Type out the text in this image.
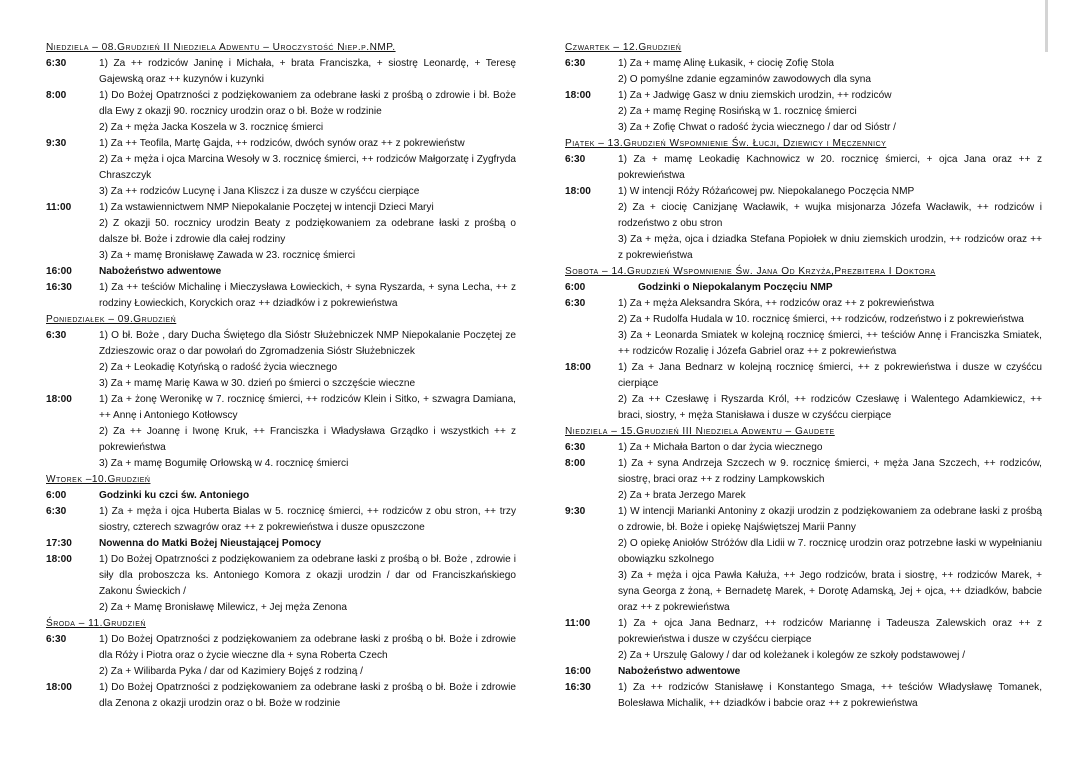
Niedziela – 08.Grudzień II Niedziela Adwentu – Uroczystość Niep.p.NMP.
6:30	1) Za ++ rodziców Janinę i Michała, + brata Franciszka, + siostrę Leonardę, + Teresę Gajewską oraz ++ kuzynów i kuzynki
8:00	1) Do Bożej Opatrzności z podziękowaniem za odebrane łaski z prośbą o zdrowie i bł. Boże dla Ewy z okazji 90. rocznicy urodzin oraz o bł. Boże w rodzinie
2) Za + męża Jacka Koszela w 3. rocznicę śmierci
9:30	1) Za ++ Teofila, Martę Gajda, ++ rodziców, dwóch synów oraz ++ z pokrewieństw
2) Za + męża i ojca Marcina Wesoły w 3. rocznicę śmierci, ++ rodziców Małgorzatę i Zygfryda Chraszczyk
3) Za ++ rodziców Lucynę i Jana Kliszcz i za dusze w czyśćcu cierpiące
11:00	1) Za wstawiennictwem NMP Niepokalanie Poczętej w intencji Dzieci Maryi
2) Z okazji 50. rocznicy urodzin Beaty z podziękowaniem za odebrane łaski z prośbą o dalsze bł. Boże i zdrowie dla całej rodziny
3) Za + mamę Bronisławę Zawada w 23. rocznicę śmierci
16:00	Nabożeństwo adwentowe
16:30	1) Za ++ teściów Michalinę i Mieczysława Łowieckich, + syna Ryszarda, + syna Lecha, ++ z rodziny Łowieckich, Koryckich oraz ++ dziadków i z pokrewieństwa
Poniedziałek – 09.Grudzień
6:30	1) O bł. Boże , dary Ducha Świętego dla Sióstr Służebniczek NMP Niepokalanie Poczętej ze Zdzieszowic oraz o dar powołań do Zgromadzenia Sióstr Służebniczek
2) Za + Leokadię Kotyńską o radość życia wiecznego
3) Za + mamę Marię Kawa w 30. dzień po śmierci o szczęście wieczne
18:00	1) Za + żonę Weronikę w 7. rocznicę śmierci, ++ rodziców Klein i Sitko, + szwagra Damiana, ++ Annę i Antoniego Kotłowscy
2) Za ++ Joannę i Iwonę Kruk, ++ Franciszka i Władysława Grządko i wszystkich ++ z pokrewieństwa
3) Za + mamę Bogumiłę Orłowską w 4. rocznicę śmierci
Wtorek –10.Grudzień
6:00	Godzinki ku czci św. Antoniego
6:30	1) Za + męża i ojca Huberta Bialas w 5. rocznicę śmierci, ++ rodziców z obu stron, ++ trzy siostry, czterech szwagrów oraz ++ z pokrewieństwa i dusze opuszczone
17:30	Nowenna do Matki Bożej Nieustającej Pomocy
18:00	1) Do Bożej Opatrzności z podziękowaniem za odebrane łaski z prośbą o bł. Boże , zdrowie i siły dla proboszcza ks. Antoniego Komora z okazji urodzin / dar od Franciszkańskiego Zakonu Świeckich /
2) Za + Mamę Bronisławę Milewicz, + Jej męża Zenona
Środa – 11.Grudzień
6:30	1) Do Bożej Opatrzności z podziękowaniem za odebrane łaski z prośbą o bł. Boże i zdrowie dla Róży i Piotra oraz o życie wieczne dla + syna Roberta Czech
2) Za + Wilibarda Pyka / dar od Kazimiery Bojęś z rodziną /
18:00	1) Do Bożej Opatrzności z podziękowaniem za odebrane łaski z prośbą o bł. Boże i zdrowie dla Zenona z okazji urodzin oraz o bł. Boże w rodzinie
Czwartek – 12.Grudzień
6:30	1) Za + mamę Alinę Łukasik, + ciocię Zofię Stola
2) O pomyślne zdanie egzaminów zawodowych dla syna
18:00	1) Za + Jadwigę Gasz w dniu ziemskich urodzin, ++ rodziców
2) Za + mamę Reginę Rosińską w 1. rocznicę śmierci
3) Za + Zofię Chwat o radość życia wiecznego / dar od Sióstr /
Piątek – 13.Grudzień Wspomnienie Św. Łucji, Dziewicy i Męczennicy
6:30	1) Za + mamę Leokadię Kachnowicz w 20. rocznicę śmierci, + ojca Jana oraz ++ z pokrewieństwa
18:00	1) W intencji Róży Różańcowej pw. Niepokalanego Poczęcia NMP
2) Za + ciocię Canizjanę Wacławik, + wujka misjonarza Józefa Wacławik, ++ rodziców i rodzeństwo z obu stron
3) Za + męża, ojca i dziadka Stefana Popiołek w dniu ziemskich urodzin, ++ rodziców oraz ++ z pokrewieństwa
Sobota – 14.Grudzień Wspomnienie Św. Jana Od Krzyża,Prezbitera I Doktora
6:00	Godzinki o Niepokalanym Poczęciu NMP
6:30	1) Za + męża Aleksandra Skóra, ++ rodziców oraz ++ z pokrewieństwa
2) Za + Rudolfa Hudala w 10. rocznicę śmierci, ++ rodziców, rodzeństwo i z pokrewieństwa
3) Za + Leonarda Smiatek w kolejną rocznicę śmierci, ++ teściów Annę i Franciszka Smiatek, ++ rodziców Rozalię i Józefa Gabriel oraz ++ z pokrewieństwa
18:00	1) Za + Jana Bednarz w kolejną rocznicę śmierci, ++ z pokrewieństwa i dusze w czyśćcu cierpiące
2) Za ++ Czesławę i Ryszarda Król, ++ rodziców Czesławę i Walentego Adamkiewicz, ++ braci, siostry, + męża Stanisława i dusze w czyśćcu cierpiące
Niedziela – 15.Grudzień III Niedziela Adwentu – Gaudete
6:30	1) Za + Michała Barton o dar życia wiecznego
8:00	1) Za + syna Andrzeja Szczech w 9. rocznicę śmierci, + męża Jana Szczech, ++ rodziców, siostrę, braci oraz ++ z rodziny Lampkowskich
2) Za + brata Jerzego Marek
9:30	1) W intencji Marianki Antoniny z okazji urodzin z podziękowaniem za odebrane łaski z prośbą o zdrowie, bł. Boże i opiekę Najświętszej Marii Panny
2) O opiekę Aniołów Stróżów dla Lidii w 7. rocznicę urodzin oraz potrzebne łaski w wypełnianiu obowiązku szkolnego
3) Za + męża i ojca Pawła Kałuża, ++ Jego rodziców, brata i siostrę, ++ rodziców Marek, + syna Georga z żoną, + Bernadetę Marek, + Dorotę Adamską, Jej + ojca, ++ dziadków, babcie oraz ++ z pokrewieństwa
11:00	1) Za + ojca Jana Bednarz, ++ rodziców Mariannę i Tadeusza Zalewskich oraz ++ z pokrewieństwa i dusze w czyśćcu cierpiące
2) Za + Urszulę Galowy / dar od koleżanek i kolegów ze szkoły podstawowej /
16:00	Nabożeństwo adwentowe
16:30	1) Za ++ rodziców Stanisławę i Konstantego Smaga, ++ teściów Władysławę Tomanek, Bolesława Michalik, ++ dziadków i babcie oraz ++ z pokrewieństwa
